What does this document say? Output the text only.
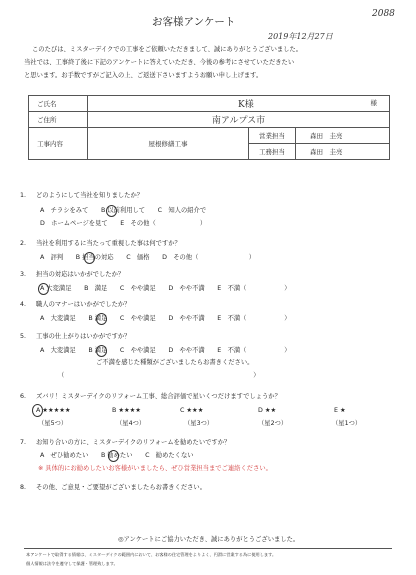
2088
お客様アンケート
2019年12月27日
このたびは、ミスターデイクでの工事をご依頼いただきまして、誠にありがとうございました。
当社では、工事終了後に下記のアンケートに答えていただき、今後の参考にさせていただきたい
と思います。お手数ですがご記入の上、ご返送下さいますようお願い申し上げます。
ご氏名	K様 様		

ご住所	南アルプス市		
工事内容	屋根修繕工事	営業担当	森田　圭亮
		工務担当	森田　圭亮
1. どのようにして当社を知りましたか？
A　チラシをみて　　B 以前利用して　　C　知人の紹介で
D　ホームページを見て　　E　その他（　　　　　　　）
2. 当社を利用するに当たって重視した事は何ですか？
A　評判　　B 担当の対応　　C　価格　　D　その他（　　　　　　　　）
3. 担当の対応はいかがでしたか？
A 大変満足　　B　満足　　C　やや満足　　D　やや不満　　E　不満（　　　　　　）
4. 職人のマナーはいかがでしたか？
A　大変満足　　B 満足　　C　やや満足　　D　やや不満　　E　不満（　　　　　　）
5. 工事の仕上がりはいかがですか？
A　大変満足　　B 満足　　C　やや満足　　D　やや不満　　E　不満（　　　　　　）
ご不満を感じた種類がございましたらお書きください。
（　　　　　　　　　　　　　　　　　　　　　　　　　　　　　　）
6. ズバリ！ミスターデイクのリフォーム工事、総合評価で星いくつだけますでしょうか？
A ★★★★★	B ★★★★	C ★★★	D ★★	E ★
（星5つ）	（星4つ）	（星3つ）	（星2つ）	（星1つ）
7. お知り合いの方に、ミスターデイクのリフォームを勧めたいですか？
A　ぜひ勧めたい　　B 勧めたい　　C　勧めたくない
※ 具体的にお勧めしたいお客様がいましたら、ぜひ営業担当までご連絡ください。
8. その他、ご意見・ご要望がございましたらお書きください。
◎アンケートにご協力いただき、誠にありがとうございました。
本アンケートで取得する情報は、ミスターデイクの範囲内において、お客様の住宅管理をよりよく、円滑に営業する為に使用します。
個人情報は法令を遵守して保護・管理致します。
